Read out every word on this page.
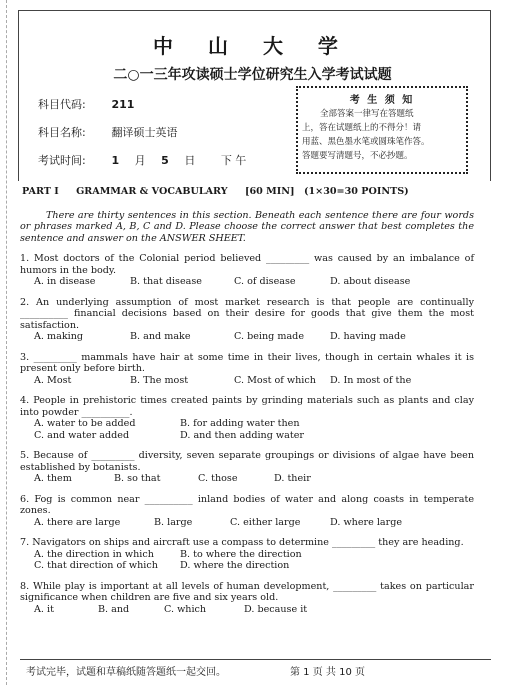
中 山 大 学
二○一三年攻读硕士学位研究生入学考试试题
科目代码: 211
科目名称: 翻译硕士英语
考试时间: 1 月 5 日 下 午
考 生 须 知
全部答案一律写在答题纸
上，答在试题纸上的不得分！请
用蓝、黑色墨水笔或圆珠笔作答。
答题要写清题号，不必抄题。
PART Ⅰ GRAMMAR & VOCABULARY [60 MIN] (1×30=30 POINTS)
There are thirty sentences in this section. Beneath each sentence there are four words or phrases marked A, B, C and D. Please choose the correct answer that best completes the sentence and answer on the ANSWER SHEET.
1. Most doctors of the Colonial period believed _________ was caused by an imbalance of humors in the body.
A. in disease	B. that disease	C. of disease	D. about disease
2. An underlying assumption of most market research is that people are continually __________ financial decisions based on their desire for goods that give them the most satisfaction.
A. making	B. and make	C. being made	D. having made
3. _________ mammals have hair at some time in their lives, though in certain whales it is present only before birth.
A. Most	B. The most	C. Most of which	D. In most of the
4. People in prehistoric times created paints by grinding materials such as plants and clay into powder __________.
A. water to be added	B. for adding water then
C. and water added	D. and then adding water
5. Because of _________ diversity, seven separate groupings or divisions of algae have been established by botanists.
A. them	B. so that	C. those	D. their
6. Fog is common near __________ inland bodies of water and along coasts in temperate zones.
A. there are large	B. large	C. either large	D. where large
7. Navigators on ships and aircraft use a compass to determine _________ they are heading.
A. the direction in which	B. to where the direction
C. that direction of which	D. where the direction
8. While play is important at all levels of human development, _________ takes on particular significance when children are five and six years old.
A. it	B. and	C. which	D. because it
考试完毕，试题和草稿纸随答题纸一起交回。	第 1 页 共 10 页
